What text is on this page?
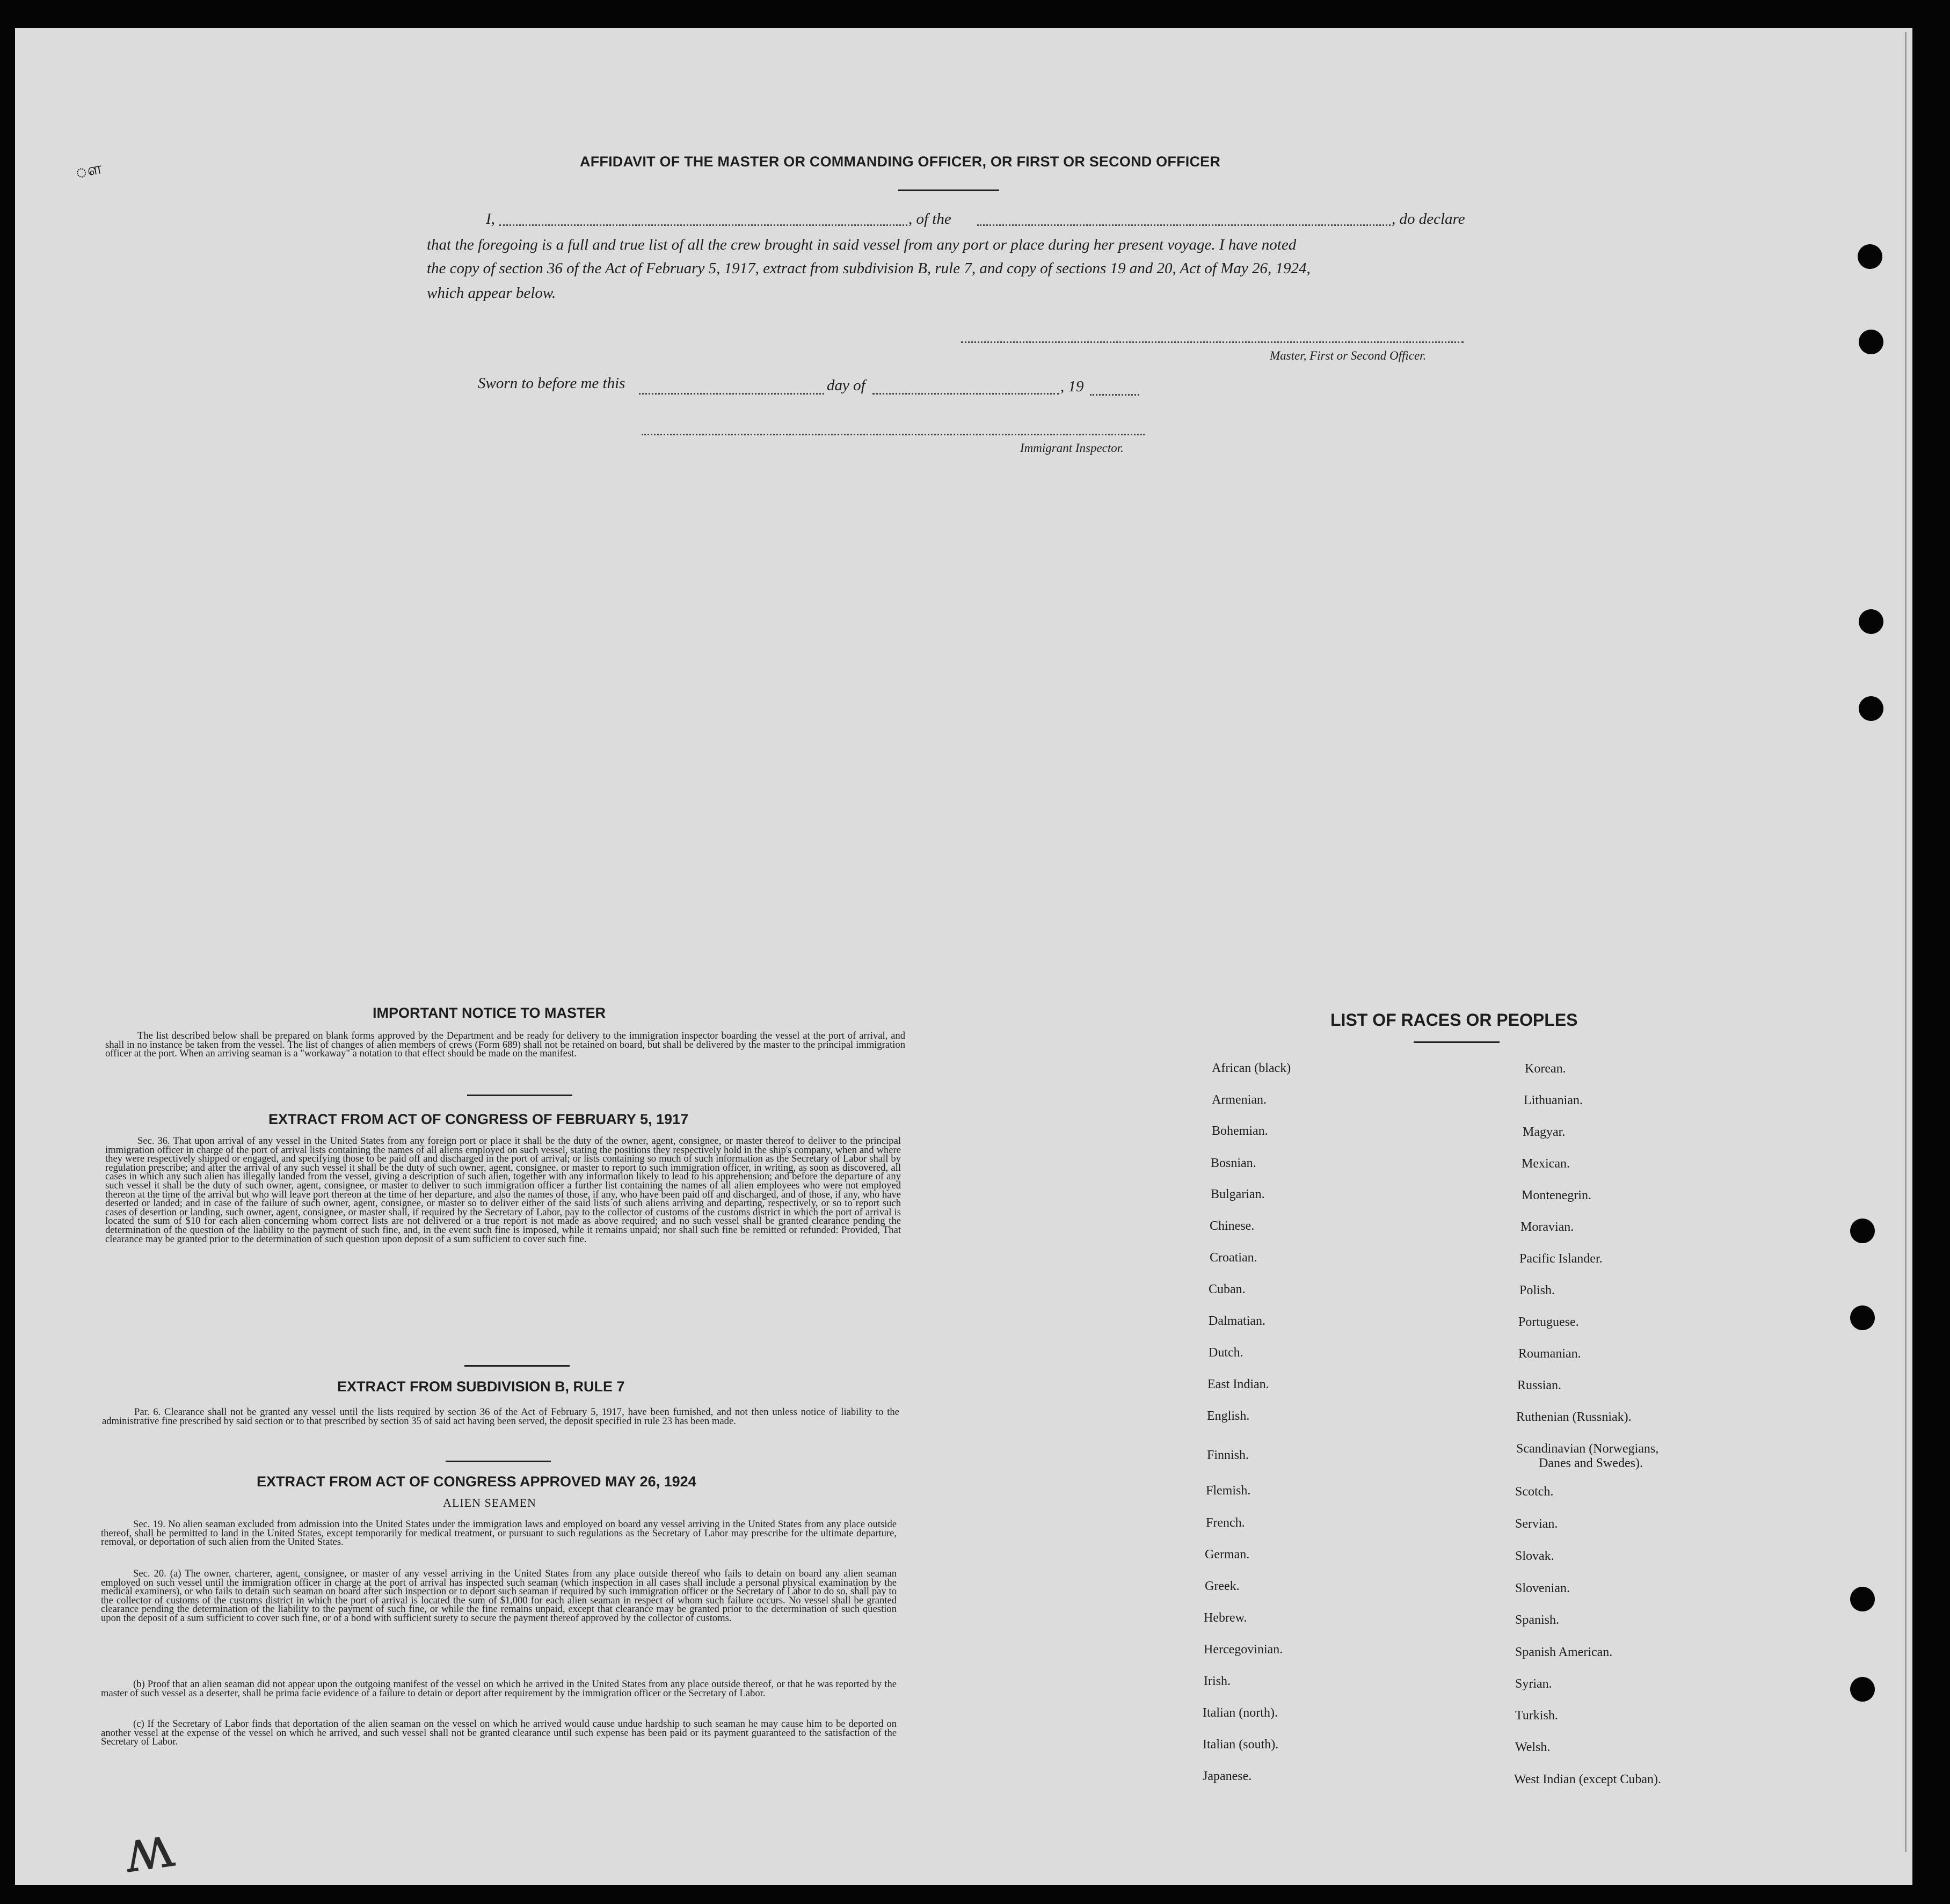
ௗ
ʍ
AFFIDAVIT OF THE MASTER OR COMMANDING OFFICER, OR FIRST OR SECOND OFFICER
I,	, of the	, do declare
that the foregoing is a full and true list of all the crew brought in said vessel from any port or place during her present voyage. I have noted
the copy of section 36 of the Act of February 5, 1917, extract from subdivision B, rule 7, and copy of sections 19 and 20, Act of May 26, 1924,
which appear below.
Master, First or Second Officer.
Sworn to before me this	day of	, 19
Immigrant Inspector.
IMPORTANT NOTICE TO MASTER
The list described below shall be prepared on blank forms approved by the Department and be ready for delivery to the immigration inspector boarding the vessel at the port of arrival, and shall in no instance be taken from the vessel. The list of changes of alien members of crews (Form 689) shall not be retained on board, but shall be delivered by the master to the principal immigration officer at the port. When an arriving seaman is a "workaway" a notation to that effect should be made on the manifest.
EXTRACT FROM ACT OF CONGRESS OF FEBRUARY 5, 1917
Sec. 36. That upon arrival of any vessel in the United States from any foreign port or place it shall be the duty of the owner, agent, consignee, or master thereof to deliver to the principal immigration officer in charge of the port of arrival lists containing the names of all aliens employed on such vessel, stating the positions they respectively hold in the ship's company, when and where they were respectively shipped or engaged, and specifying those to be paid off and discharged in the port of arrival; or lists containing so much of such information as the Secretary of Labor shall by regulation prescribe; and after the arrival of any such vessel it shall be the duty of such owner, agent, consignee, or master to report to such immigration officer, in writing, as soon as discovered, all cases in which any such alien has illegally landed from the vessel, giving a description of such alien, together with any information likely to lead to his apprehension; and before the departure of any such vessel it shall be the duty of such owner, agent, consignee, or master to deliver to such immigration officer a further list containing the names of all alien employees who were not employed thereon at the time of the arrival but who will leave port thereon at the time of her departure, and also the names of those, if any, who have been paid off and discharged, and of those, if any, who have deserted or landed; and in case of the failure of such owner, agent, consignee, or master so to deliver either of the said lists of such aliens arriving and departing, respectively, or so to report such cases of desertion or landing, such owner, agent, consignee, or master shall, if required by the Secretary of Labor, pay to the collector of customs of the customs district in which the port of arrival is located the sum of $10 for each alien concerning whom correct lists are not delivered or a true report is not made as above required; and no such vessel shall be granted clearance pending the determination of the question of the liability to the payment of such fine, and, in the event such fine is imposed, while it remains unpaid; nor shall such fine be remitted or refunded: Provided, That clearance may be granted prior to the determination of such question upon deposit of a sum sufficient to cover such fine.
EXTRACT FROM SUBDIVISION B, RULE 7
Par. 6. Clearance shall not be granted any vessel until the lists required by section 36 of the Act of February 5, 1917, have been furnished, and not then unless notice of liability to the administrative fine prescribed by said section or to that prescribed by section 35 of said act having been served, the deposit specified in rule 23 has been made.
EXTRACT FROM ACT OF CONGRESS APPROVED MAY 26, 1924
ALIEN SEAMEN
Sec. 19. No alien seaman excluded from admission into the United States under the immigration laws and employed on board any vessel arriving in the United States from any place outside thereof, shall be permitted to land in the United States, except temporarily for medical treatment, or pursuant to such regulations as the Secretary of Labor may prescribe for the ultimate departure, removal, or deportation of such alien from the United States.
Sec. 20. (a) The owner, charterer, agent, consignee, or master of any vessel arriving in the United States from any place outside thereof who fails to detain on board any alien seaman employed on such vessel until the immigration officer in charge at the port of arrival has inspected such seaman (which inspection in all cases shall include a personal physical examination by the medical examiners), or who fails to detain such seaman on board after such inspection or to deport such seaman if required by such immigration officer or the Secretary of Labor to do so, shall pay to the collector of customs of the customs district in which the port of arrival is located the sum of $1,000 for each alien seaman in respect of whom such failure occurs. No vessel shall be granted clearance pending the determination of the liability to the payment of such fine, or while the fine remains unpaid, except that clearance may be granted prior to the determination of such question upon the deposit of a sum sufficient to cover such fine, or of a bond with sufficient surety to secure the payment thereof approved by the collector of customs.
(b) Proof that an alien seaman did not appear upon the outgoing manifest of the vessel on which he arrived in the United States from any place outside thereof, or that he was reported by the master of such vessel as a deserter, shall be prima facie evidence of a failure to detain or deport after requirement by the immigration officer or the Secretary of Labor.
(c) If the Secretary of Labor finds that deportation of the alien seaman on the vessel on which he arrived would cause undue hardship to such seaman he may cause him to be deported on another vessel at the expense of the vessel on which he arrived, and such vessel shall not be granted clearance until such expense has been paid or its payment guaranteed to the satisfaction of the Secretary of Labor.
LIST OF RACES OR PEOPLES
African (black)
Armenian.
Bohemian.
Bosnian.
Bulgarian.
Chinese.
Croatian.
Cuban.
Dalmatian.
Dutch.
East Indian.
English.
Finnish.
Flemish.
French.
German.
Greek.
Hebrew.
Hercegovinian.
Irish.
Italian (north).
Italian (south).
Japanese.
Korean.
Lithuanian.
Magyar.
Mexican.
Montenegrin.
Moravian.
Pacific Islander.
Polish.
Portuguese.
Roumanian.
Russian.
Ruthenian (Russniak).
Scandinavian (Norwegians,
Danes and Swedes).
Scotch.
Servian.
Slovak.
Slovenian.
Spanish.
Spanish American.
Syrian.
Turkish.
Welsh.
West Indian (except Cuban).
